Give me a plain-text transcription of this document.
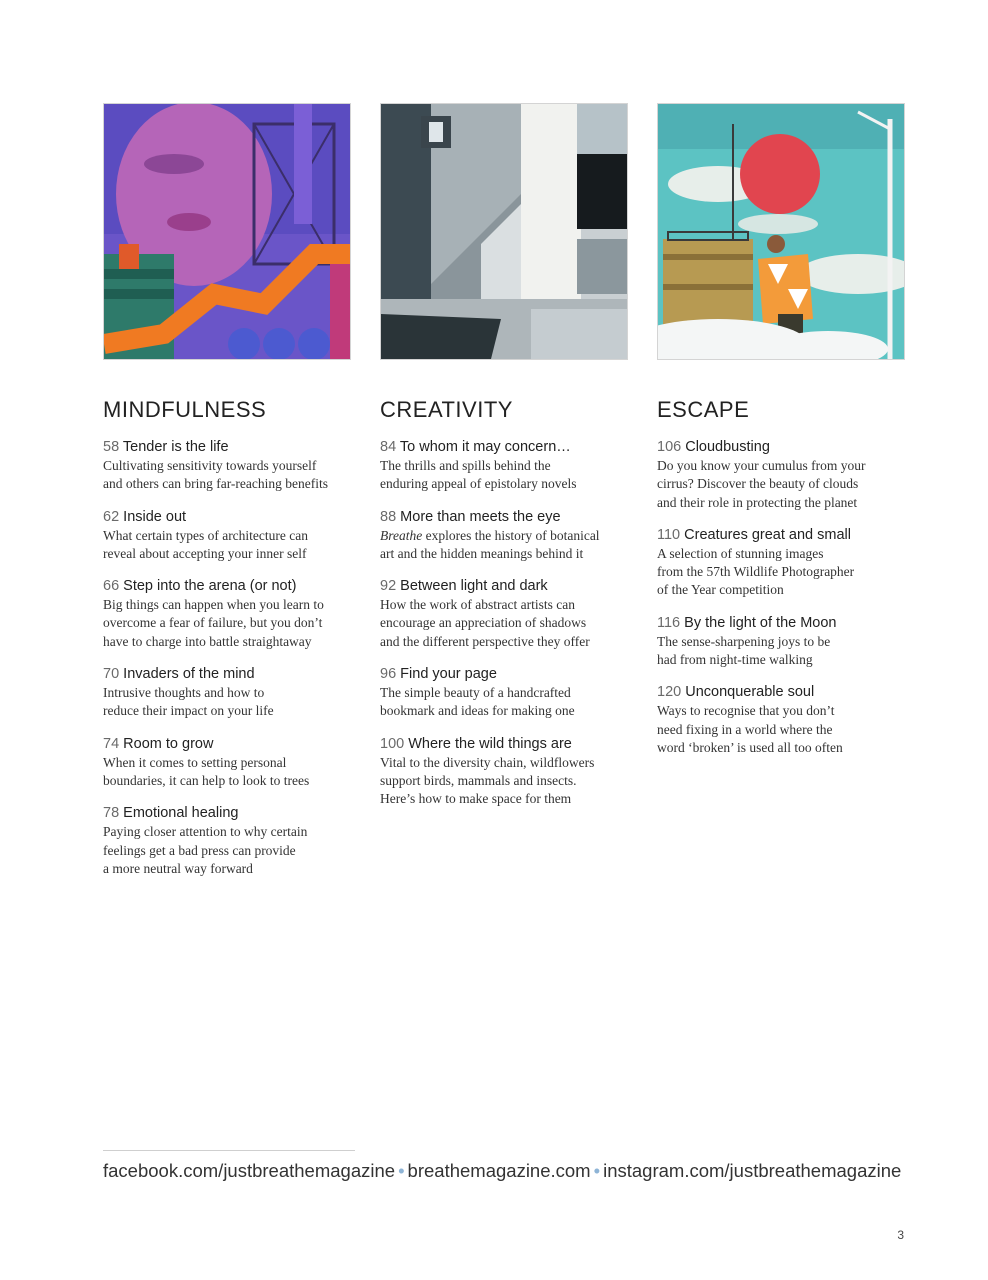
MINDFULNESS
58 Tender is the life
Cultivating sensitivity towards yourself
and others can bring far-reaching benefits
62 Inside out
What certain types of architecture can
reveal about accepting your inner self
66 Step into the arena (or not)
Big things can happen when you learn to
overcome a fear of failure, but you don’t
have to charge into battle straightaway
70 Invaders of the mind
Intrusive thoughts and how to
reduce their impact on your life
74 Room to grow
When it comes to setting personal
boundaries, it can help to look to trees
78 Emotional healing
Paying closer attention to why certain
feelings get a bad press can provide
a more neutral way forward
CREATIVITY
84 To whom it may concern…
The thrills and spills behind the
enduring appeal of epistolary novels
88 More than meets the eye
Breathe explores the history of botanical
art and the hidden meanings behind it
92 Between light and dark
How the work of abstract artists can
encourage an appreciation of shadows
and the different perspective they offer
96 Find your page
The simple beauty of a handcrafted
bookmark and ideas for making one
100 Where the wild things are
Vital to the diversity chain, wildflowers
support birds, mammals and insects.
Here’s how to make space for them
ESCAPE
106 Cloudbusting
Do you know your cumulus from your
cirrus? Discover the beauty of clouds
and their role in protecting the planet
110 Creatures great and small
A selection of stunning images
from the 57th Wildlife Photographer
of the Year competition
116 By the light of the Moon
The sense-sharpening joys to be
had from night-time walking
120 Unconquerable soul
Ways to recognise that you don’t
need fixing in a world where the
word ‘broken’ is used all too often
facebook.com/justbreathemagazine • breathemagazine.com • instagram.com/justbreathemagazine
3
